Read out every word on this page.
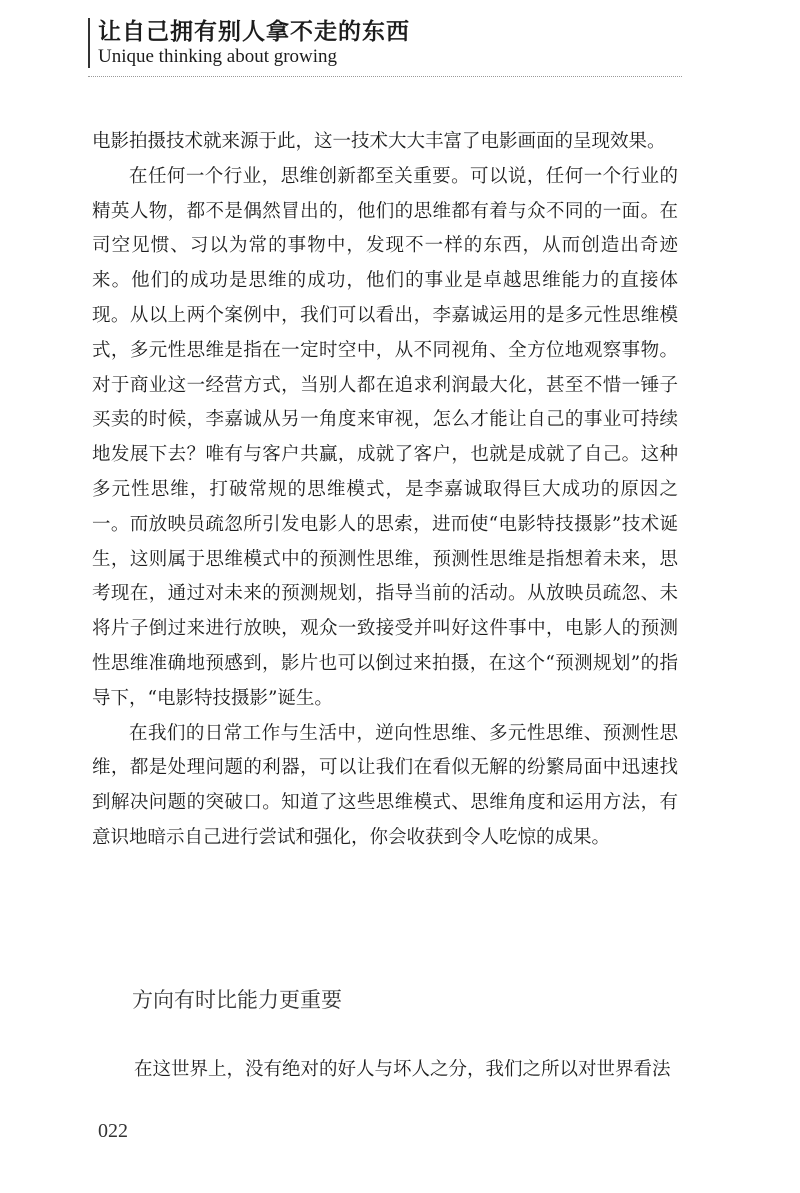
让自己拥有别人拿不走的东西
Unique thinking about growing

电影拍摄技术就来源于此，这一技术大大丰富了电影画面的呈现效果。

在任何一个行业，思维创新都至关重要。可以说，任何一个行业的精英人物，都不是偶然冒出的，他们的思维都有着与众不同的一面。在司空见惯、习以为常的事物中，发现不一样的东西，从而创造出奇迹来。他们的成功是思维的成功，他们的事业是卓越思维能力的直接体现。从以上两个案例中，我们可以看出，李嘉诚运用的是多元性思维模式，多元性思维是指在一定时空中，从不同视角、全方位地观察事物。对于商业这一经营方式，当别人都在追求利润最大化，甚至不惜一锤子买卖的时候，李嘉诚从另一角度来审视，怎么才能让自己的事业可持续地发展下去？唯有与客户共赢，成就了客户，也就是成就了自己。这种多元性思维，打破常规的思维模式，是李嘉诚取得巨大成功的原因之一。而放映员疏忽所引发电影人的思索，进而使“电影特技摄影”技术诞生，这则属于思维模式中的预测性思维，预测性思维是指想着未来，思考现在，通过对未来的预测规划，指导当前的活动。从放映员疏忽、未将片子倒过来进行放映，观众一致接受并叫好这件事中，电影人的预测性思维准确地预感到，影片也可以倒过来拍摄，在这个“预测规划”的指导下，“电影特技摄影”诞生。

在我们的日常工作与生活中，逆向性思维、多元性思维、预测性思维，都是处理问题的利器，可以让我们在看似无解的纷繁局面中迅速找到解决问题的突破口。知道了这些思维模式、思维角度和运用方法，有意识地暗示自己进行尝试和强化，你会收获到令人吃惊的成果。

方向有时比能力更重要
在这世界上，没有绝对的好人与坏人之分，我们之所以对世界看法
022
